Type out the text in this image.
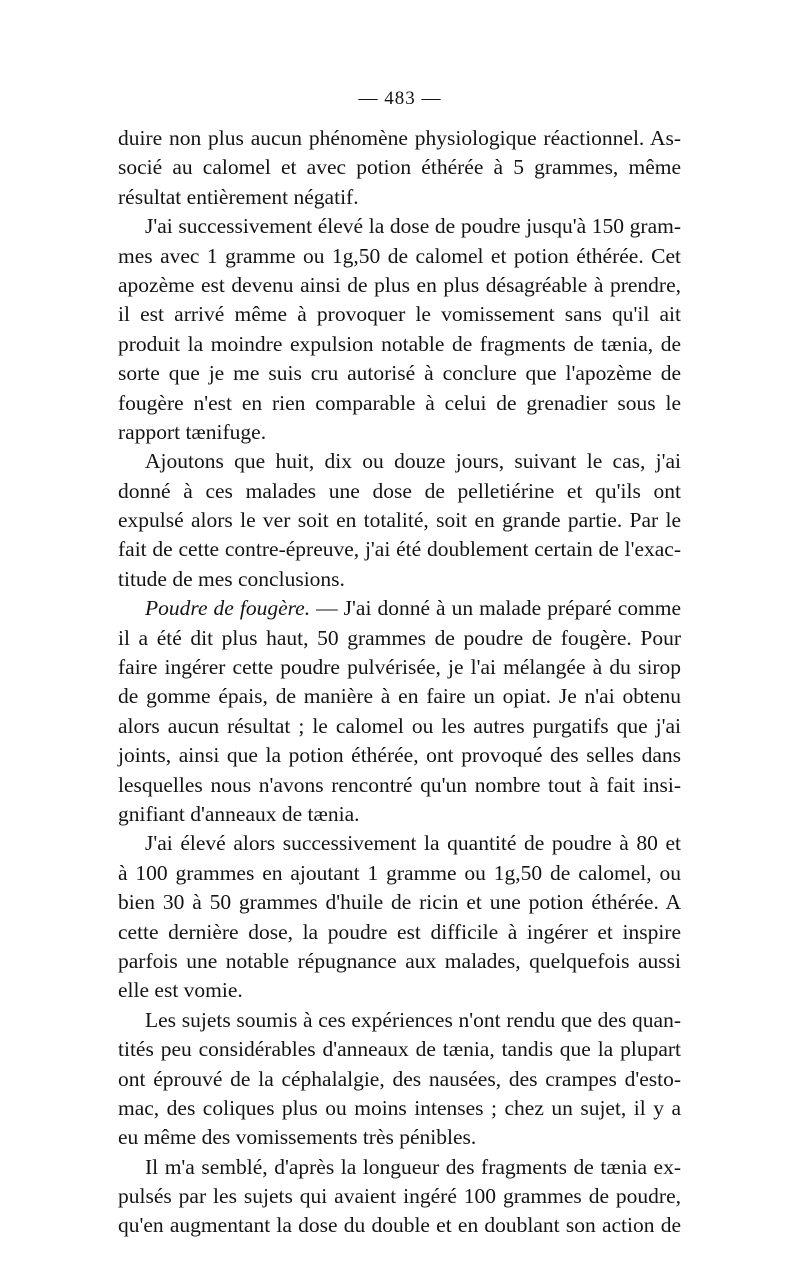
— 483 —
duire non plus aucun phénomène physiologique réactionnel. As-
socié au calomel et avec potion éthérée à 5 grammes, même
résultat entièrement négatif.
J'ai successivement élevé la dose de poudre jusqu'à 150 gram-
mes avec 1 gramme ou 1g,50 de calomel et potion éthérée. Cet
apozème est devenu ainsi de plus en plus désagréable à prendre,
il est arrivé même à provoquer le vomissement sans qu'il ait
produit la moindre expulsion notable de fragments de tænia, de
sorte que je me suis cru autorisé à conclure que l'apozème de
fougère n'est en rien comparable à celui de grenadier sous le
rapport tænifuge.
Ajoutons que huit, dix ou douze jours, suivant le cas, j'ai
donné à ces malades une dose de pelletiérine et qu'ils ont
expulsé alors le ver soit en totalité, soit en grande partie. Par le
fait de cette contre-épreuve, j'ai été doublement certain de l'exac-
titude de mes conclusions.
Poudre de fougère. — J'ai donné à un malade préparé comme
il a été dit plus haut, 50 grammes de poudre de fougère. Pour
faire ingérer cette poudre pulvérisée, je l'ai mélangée à du sirop
de gomme épais, de manière à en faire un opiat. Je n'ai obtenu
alors aucun résultat ; le calomel ou les autres purgatifs que j'ai
joints, ainsi que la potion éthérée, ont provoqué des selles dans
lesquelles nous n'avons rencontré qu'un nombre tout à fait insi-
gnifiant d'anneaux de tænia.
J'ai élevé alors successivement la quantité de poudre à 80 et
à 100 grammes en ajoutant 1 gramme ou 1g,50 de calomel, ou
bien 30 à 50 grammes d'huile de ricin et une potion éthérée. A
cette dernière dose, la poudre est difficile à ingérer et inspire
parfois une notable répugnance aux malades, quelquefois aussi
elle est vomie.
Les sujets soumis à ces expériences n'ont rendu que des quan-
tités peu considérables d'anneaux de tænia, tandis que la plupart
ont éprouvé de la céphalalgie, des nausées, des crampes d'esto-
mac, des coliques plus ou moins intenses ; chez un sujet, il y a
eu même des vomissements très pénibles.
Il m'a semblé, d'après la longueur des fragments de tænia ex-
pulsés par les sujets qui avaient ingéré 100 grammes de poudre,
qu'en augmentant la dose du double et en doublant son action de
